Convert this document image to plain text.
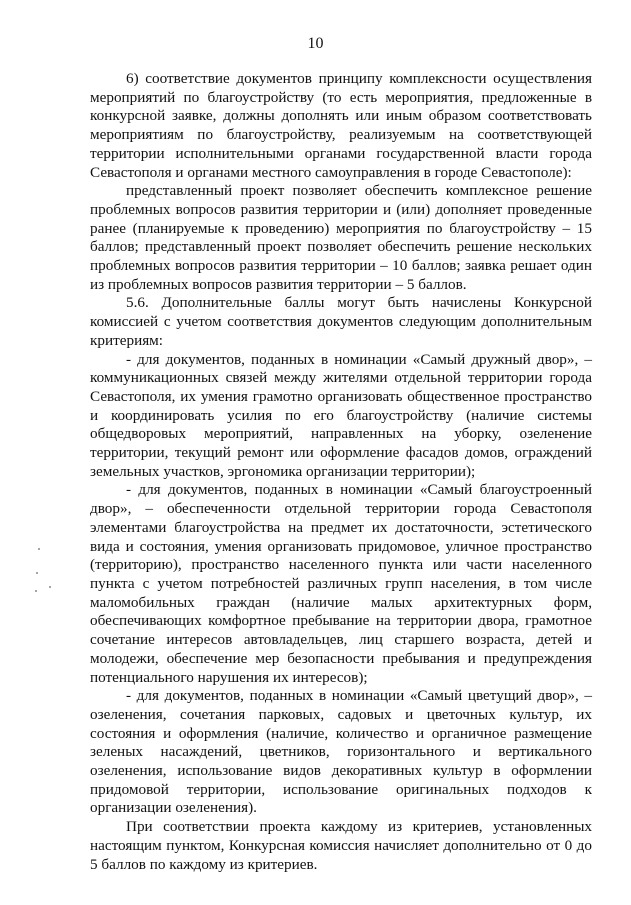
10

6) соответствие документов принципу комплексности осуществления мероприятий по благоустройству (то есть мероприятия, предложенные в конкурсной заявке, должны дополнять или иным образом соответствовать мероприятиям по благоустройству, реализуемым на соответствующей территории исполнительными органами государственной власти города Севастополя и органами местного самоуправления в городе Севастополе):

представленный проект позволяет обеспечить комплексное решение проблемных вопросов развития территории и (или) дополняет проведенные ранее (планируемые к проведению) мероприятия по благоустройству – 15 баллов; представленный проект позволяет обеспечить решение нескольких проблемных вопросов развития территории – 10 баллов; заявка решает один из проблемных вопросов развития территории – 5 баллов.

5.6. Дополнительные баллы могут быть начислены Конкурсной комиссией с учетом соответствия документов следующим дополнительным критериям:

- для документов, поданных в номинации «Самый дружный двор», – коммуникационных связей между жителями отдельной территории города Севастополя, их умения грамотно организовать общественное пространство и координировать усилия по его благоустройству (наличие системы общедворовых мероприятий, направленных на уборку, озеленение территории, текущий ремонт или оформление фасадов домов, ограждений земельных участков, эргономика организации территории);

- для документов, поданных в номинации «Самый благоустроенный двор», – обеспеченности отдельной территории города Севастополя элементами благоустройства на предмет их достаточности, эстетического вида и состояния, умения организовать придомовое, уличное пространство (территорию), пространство населенного пункта или части населенного пункта с учетом потребностей различных групп населения, в том числе маломобильных граждан (наличие малых архитектурных форм, обеспечивающих комфортное пребывание на территории двора, грамотное сочетание интересов автовладельцев, лиц старшего возраста, детей и молодежи, обеспечение мер безопасности пребывания и предупреждения потенциального нарушения их интересов);

- для документов, поданных в номинации «Самый цветущий двор», – озеленения, сочетания парковых, садовых и цветочных культур, их состояния и оформления (наличие, количество и органичное размещение зеленых насаждений, цветников, горизонтального и вертикального озеленения, использование видов декоративных культур в оформлении придомовой территории, использование оригинальных подходов к организации озеленения).

При соответствии проекта каждому из критериев, установленных настоящим пунктом, Конкурсная комиссия начисляет дополнительно от 0 до 5 баллов по каждому из критериев.
